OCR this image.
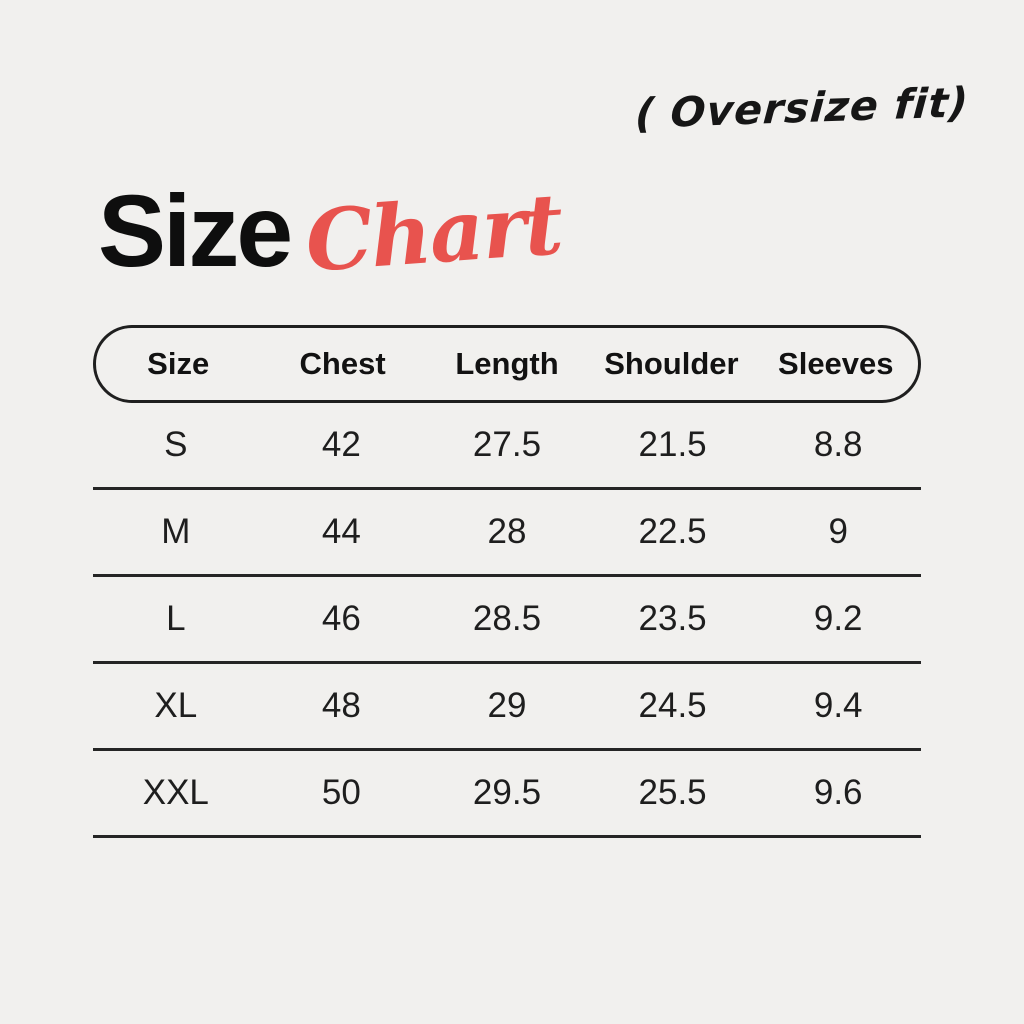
( Oversize fit)
Size Chart
Size	Chest	Length	Shoulder	Sleeves
S	42	27.5	21.5	8.8
M	44	28	22.5	9
L	46	28.5	23.5	9.2
XL	48	29	24.5	9.4
XXL	50	29.5	25.5	9.6
